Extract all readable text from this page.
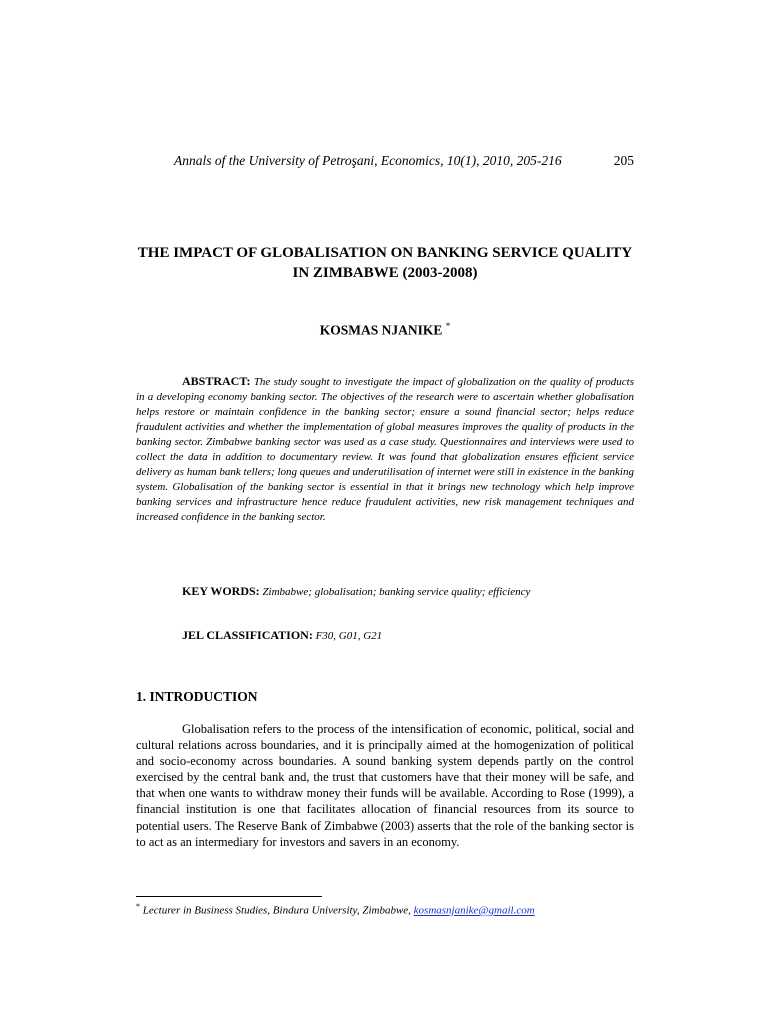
Annals of the University of Petroşani, Economics, 10(1), 2010, 205-216	205
THE IMPACT OF GLOBALISATION ON BANKING SERVICE QUALITY IN ZIMBABWE (2003-2008)
KOSMAS NJANIKE *
ABSTRACT: The study sought to investigate the impact of globalization on the quality of products in a developing economy banking sector. The objectives of the research were to ascertain whether globalisation helps restore or maintain confidence in the banking sector; ensure a sound financial sector; helps reduce fraudulent activities and whether the implementation of global measures improves the quality of products in the banking sector. Zimbabwe banking sector was used as a case study. Questionnaires and interviews were used to collect the data in addition to documentary review. It was found that globalization ensures efficient service delivery as human bank tellers; long queues and underutilisation of internet were still in existence in the banking system. Globalisation of the banking sector is essential in that it brings new technology which help improve banking services and infrastructure hence reduce fraudulent activities, new risk management techniques and increased confidence in the banking sector.
KEY WORDS: Zimbabwe; globalisation; banking service quality; efficiency
JEL CLASSIFICATION: F30, G01, G21
1. INTRODUCTION
Globalisation refers to the process of the intensification of economic, political, social and cultural relations across boundaries, and it is principally aimed at the homogenization of political and socio-economy across boundaries. A sound banking system depends partly on the control exercised by the central bank and, the trust that customers have that their money will be safe, and that when one wants to withdraw money their funds will be available. According to Rose (1999), a financial institution is one that facilitates allocation of financial resources from its source to potential users. The Reserve Bank of Zimbabwe (2003) asserts that the role of the banking sector is to act as an intermediary for investors and savers in an economy.
* Lecturer in Business Studies, Bindura University, Zimbabwe, kosmasnjanike@gmail.com
